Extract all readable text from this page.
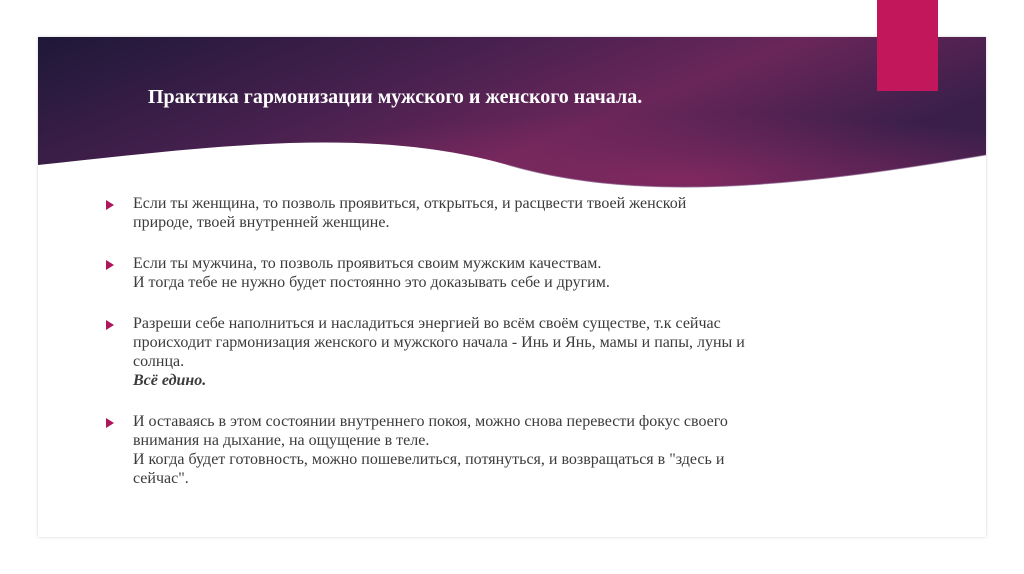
Практика гармонизации мужского и женского начала.
Если ты женщина, то позволь проявиться, открыться, и расцвести твоей женской
природе, твоей внутренней женщине.
Если ты мужчина, то позволь проявиться своим мужским качествам.
И тогда тебе не нужно будет постоянно это доказывать себе и другим.
Разреши себе наполниться и насладиться энергией во всём своём существе, т.к сейчас
происходит гармонизация женского и мужского начала - Инь и Янь, мамы и папы, луны и
солнца.
Всё едино.
И оставаясь в этом состоянии внутреннего покоя, можно снова перевести фокус своего
внимания на дыхание, на ощущение в теле.
И когда будет готовность, можно пошевелиться, потянуться, и возвращаться в "здесь и
сейчас".
